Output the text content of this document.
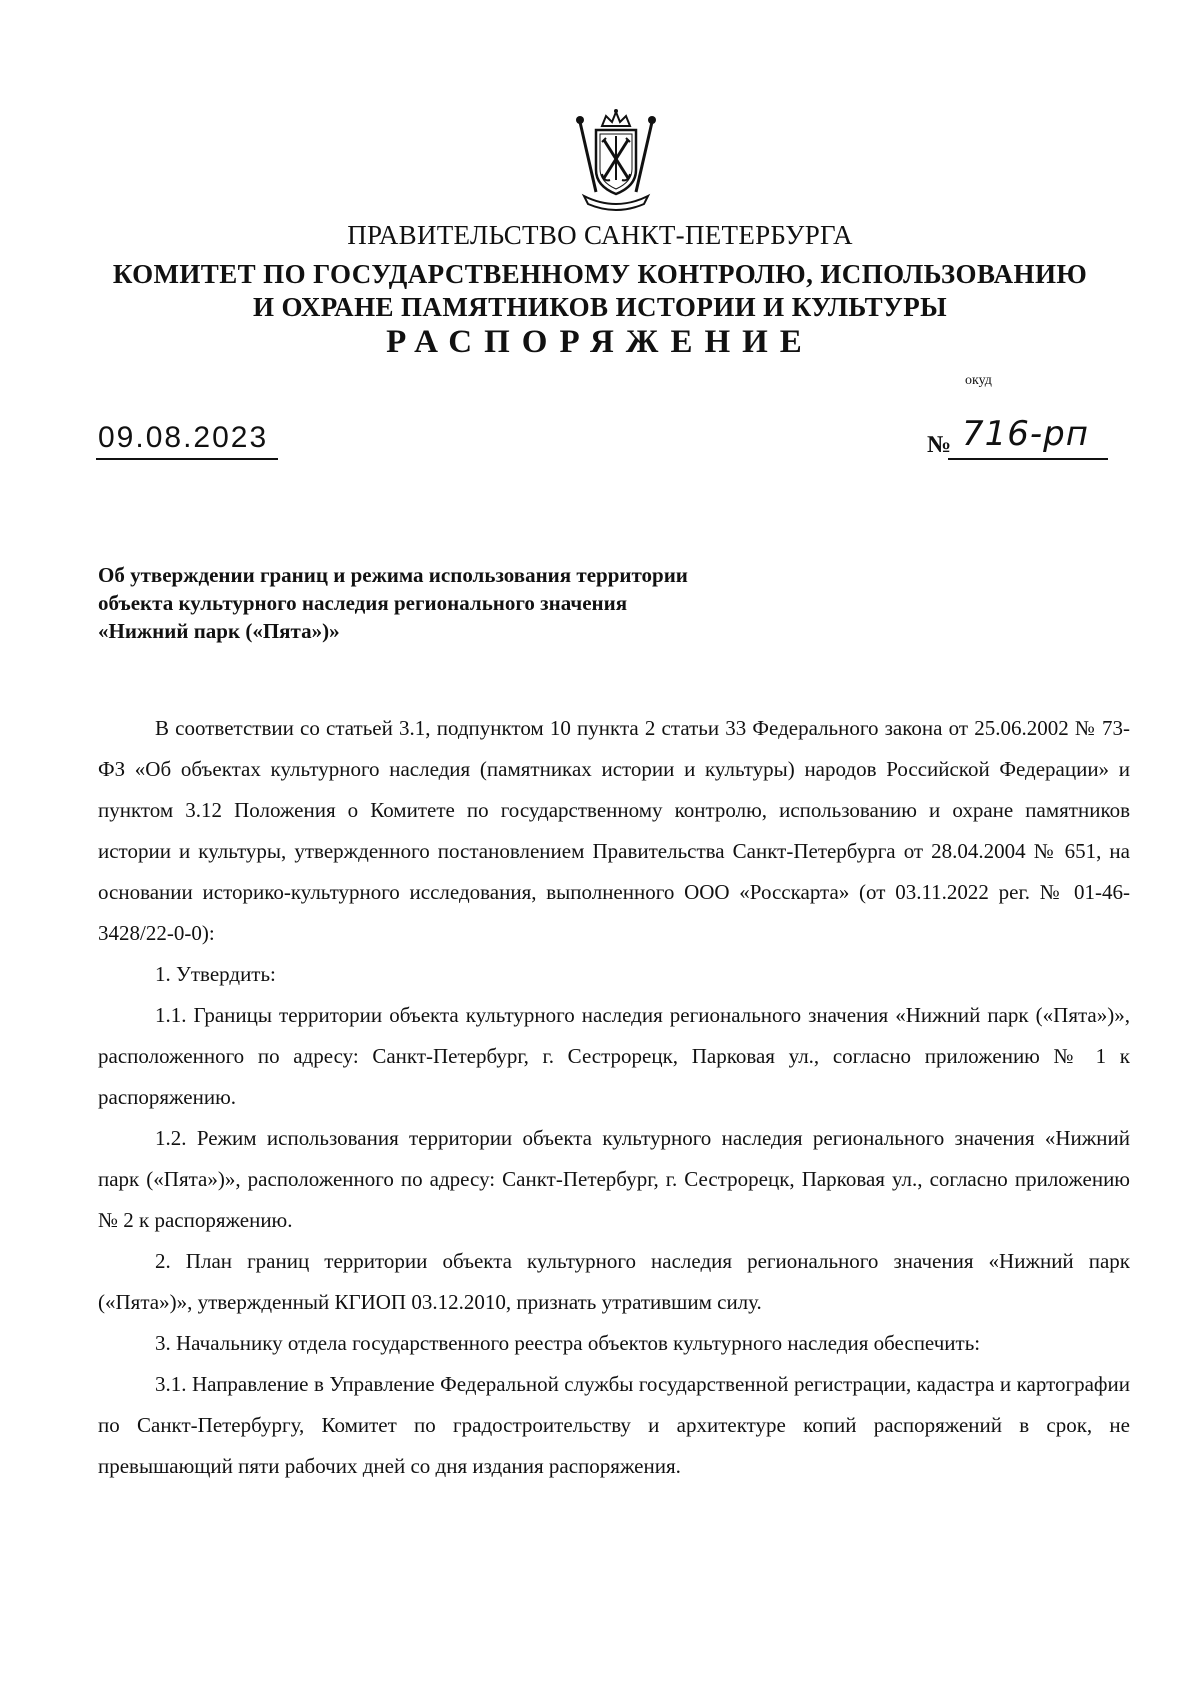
ПРАВИТЕЛЬСТВО САНКТ-ПЕТЕРБУРГА
КОМИТЕТ ПО ГОСУДАРСТВЕННОМУ КОНТРОЛЮ, ИСПОЛЬЗОВАНИЮ
И ОХРАНЕ ПАМЯТНИКОВ ИСТОРИИ И КУЛЬТУРЫ
РАСПОРЯЖЕНИЕ
окуд
09.08.2023	№ 716-рп
Об утверждении границ и режима использования территории
объекта культурного наследия регионального значения
«Нижний парк («Пята»)»

В соответствии со статьей 3.1, подпунктом 10 пункта 2 статьи 33 Федерального закона от 25.06.2002 № 73-ФЗ «Об объектах культурного наследия (памятниках истории и культуры) народов Российской Федерации» и пунктом 3.12 Положения о Комитете по государственному контролю, использованию и охране памятников истории и культуры, утвержденного постановлением Правительства Санкт-Петербурга от 28.04.2004 № 651, на основании историко-культурного исследования, выполненного ООО «Росскарта» (от 03.11.2022 рег. № 01-46-3428/22-0-0):

1. Утвердить:

1.1. Границы территории объекта культурного наследия регионального значения «Нижний парк («Пята»)», расположенного по адресу: Санкт-Петербург, г. Сестрорецк, Парковая ул., согласно приложению № 1 к распоряжению.

1.2. Режим использования территории объекта культурного наследия регионального значения «Нижний парк («Пята»)», расположенного по адресу: Санкт-Петербург, г. Сестрорецк, Парковая ул., согласно приложению № 2 к распоряжению.

2. План границ территории объекта культурного наследия регионального значения «Нижний парк («Пята»)», утвержденный КГИОП 03.12.2010, признать утратившим силу.

3. Начальнику отдела государственного реестра объектов культурного наследия обеспечить:

3.1. Направление в Управление Федеральной службы государственной регистрации, кадастра и картографии по Санкт-Петербургу, Комитет по градостроительству и архитектуре копий распоряжений в срок, не превышающий пяти рабочих дней со дня издания распоряжения.
